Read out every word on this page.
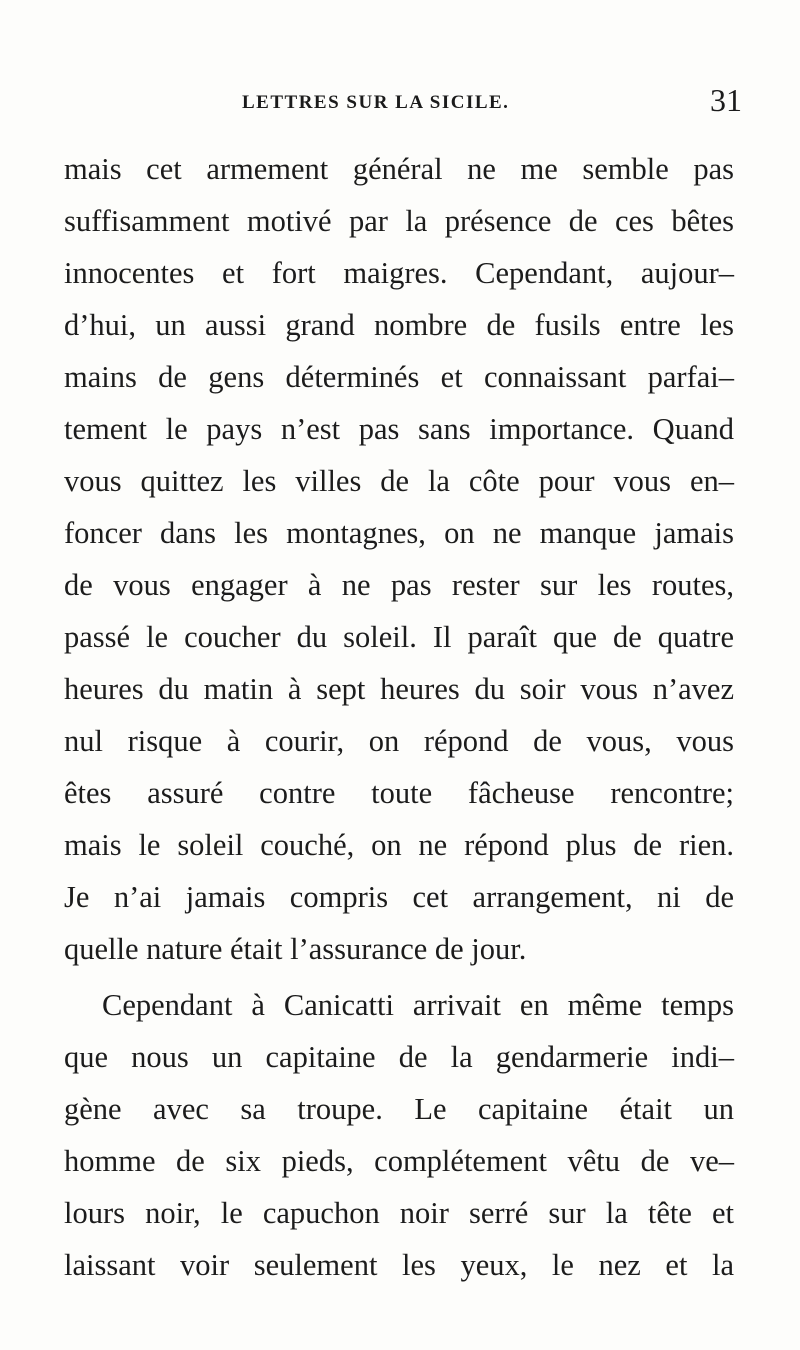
LETTRES SUR LA SICILE.	31
mais cet armement général ne me semble pas
suffisamment motivé par la présence de ces bêtes
innocentes et fort maigres. Cependant, aujour–
d’hui, un aussi grand nombre de fusils entre les
mains de gens déterminés et connaissant parfai–
tement le pays n’est pas sans importance. Quand
vous quittez les villes de la côte pour vous en–
foncer dans les montagnes, on ne manque jamais
de vous engager à ne pas rester sur les routes,
passé le coucher du soleil. Il paraît que de quatre
heures du matin à sept heures du soir vous n’avez
nul risque à courir, on répond de vous, vous
êtes assuré contre toute fâcheuse rencontre;
mais le soleil couché, on ne répond plus de rien.
Je n’ai jamais compris cet arrangement, ni de
quelle nature était l’assurance de jour.
Cependant à Canicatti arrivait en même temps
que nous un capitaine de la gendarmerie indi–
gène avec sa troupe. Le capitaine était un
homme de six pieds, complétement vêtu de ve–
lours noir, le capuchon noir serré sur la tête et
laissant voir seulement les yeux, le nez et la
